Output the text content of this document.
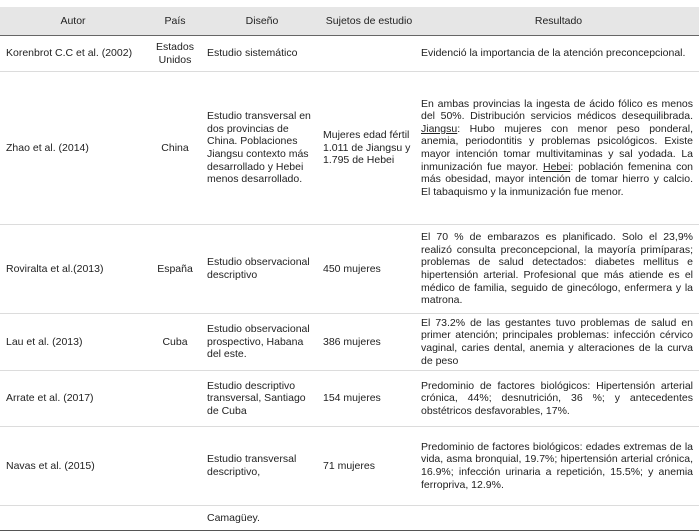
Autor	País	Diseño	Sujetos de estudio	Resultado
Korenbrot C.C et al. (2002)	Estados Unidos	Estudio sistemático		Evidenció la importancia de la atención preconcepcional.
Zhao et al. (2014)	China	Estudio transversal en dos provincias de China. Poblaciones Jiangsu contexto más desarrollado y Hebei menos desarrollado.	Mujeres edad fértil 1.011 de Jiangsu y 1.795 de Hebei	En ambas provincias la ingesta de ácido fólico es menos del 50%. Distribución servicios médicos desequilibrada. Jiangsu: Hubo mujeres con menor peso ponderal, anemia, periodontitis y problemas psicológicos. Existe mayor intención tomar multivitaminas y sal yodada. La inmunización fue mayor. Hebei: población femenina con más obesidad, mayor intención de tomar hierro y calcio. El tabaquismo y la inmunización fue menor.
Roviralta et al.(2013)	España	Estudio observacional descriptivo	450 mujeres	El 70 % de embarazos es planificado. Solo el 23,9% realizó consulta preconcepcional, la mayoría primíparas; problemas de salud detectados: diabetes mellitus e hipertensión arterial. Profesional que más atiende es el médico de familia, seguido de ginecólogo, enfermera y la matrona.
Lau et al. (2013)	Cuba	Estudio observacional prospectivo, Habana del este.	386 mujeres	El 73.2% de las gestantes tuvo problemas de salud en primer atención; principales problemas: infección cérvico vaginal, caries dental, anemia y alteraciones de la curva de peso
Arrate et al. (2017)		Estudio descriptivo transversal, Santiago de Cuba	154 mujeres	Predominio de factores biológicos: Hipertensión arterial crónica, 44%; desnutrición, 36 %; y antecedentes obstétricos desfavorables, 17%.
Navas et al. (2015)		Estudio transversal descriptivo,	71 mujeres	Predominio de factores biológicos: edades extremas de la vida, asma bronquial, 19.7%; hipertensión arterial crónica, 16.9%; infección urinaria a repetición, 15.5%; y anemia ferropriva, 12.9%.
		Camagüey.		
